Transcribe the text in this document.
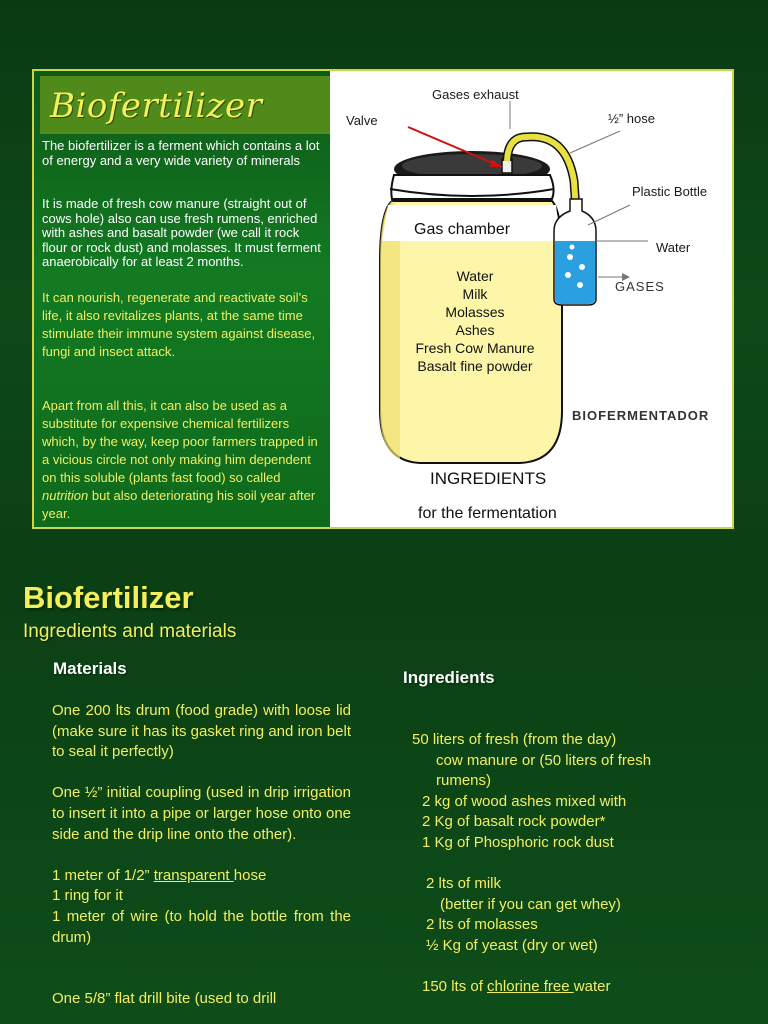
Biofertilizer

The biofertilizer is a ferment which contains a lot of energy and a very wide variety of minerals

It is made of fresh cow manure (straight out of cows hole) also can use fresh rumens, enriched with ashes and basalt powder (we call it rock flour or rock dust) and molasses. It must ferment anaerobically for at least 2 months.

It can nourish, regenerate and reactivate soil’s life, it also revitalizes plants, at the same time stimulate their immune system against disease, fungi and insect attack.

Apart from all this, it can also be used as a substitute for expensive chemical fertilizers which, by the way, keep poor farmers trapped in a vicious circle not only making him dependent on this soluble (plants fast food) so called nutrition but also deteriorating his soil year after year.

Gases exhaust
Valve	½” hose
Plastic Bottle
Water
GASES
Gas chamber
Water
Milk
Molasses
Ashes
Fresh Cow Manure
Basalt fine powder
BIOFERMENTADOR
INGREDIENTS
for the fermentation
Biofertilizer
Ingredients and materials
Materials	Ingredients

One 200 lts drum (food grade) with loose lid (make sure it has its gasket ring and iron belt to seal it perfectly)

One ½” initial coupling (used in drip irrigation to insert it into a pipe or larger hose onto one side and the drip line onto the other).

1 meter of 1/2” transparent hose

1 ring for it

1 meter of wire (to hold the bottle from the drum)

One 5/8” flat drill bite (used to drill

50 liters of fresh (from the day)

cow manure or (50 liters of fresh

rumens)

2 kg of wood ashes mixed with

2 Kg of basalt rock powder*

1 Kg of Phosphoric rock dust

2 lts of milk

(better if you can get whey)

2 lts of molasses

½ Kg of yeast (dry or wet)

150 lts of chlorine free water
